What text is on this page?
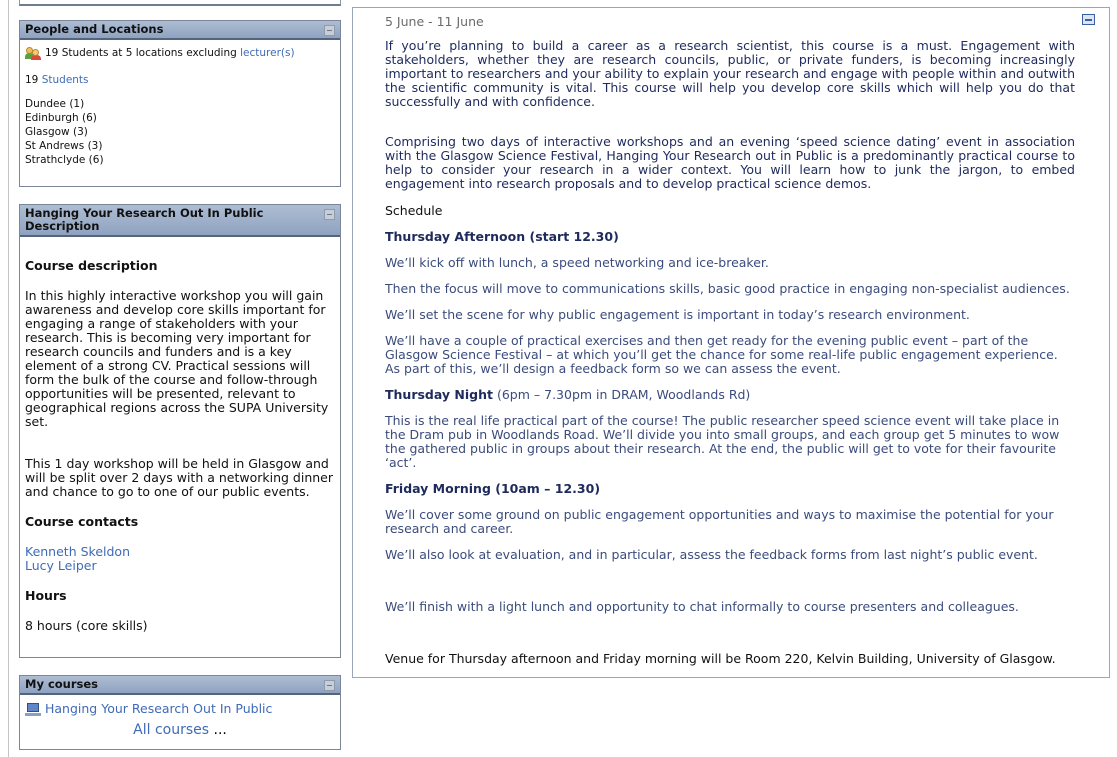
People and Locations
19 Students at 5 locations excluding lecturer(s)
19 Students
Dundee (1)
Edinburgh (6)
Glasgow (3)
St Andrews (3)
Strathclyde (6)
Hanging Your Research Out In Public Description
Course description

In this highly interactive workshop you will gain awareness and develop core skills important for engaging a range of stakeholders with your research. This is becoming very important for research councils and funders and is a key element of a strong CV. Practical sessions will form the bulk of the course and follow-through opportunities will be presented, relevant to geographical regions across the SUPA University set.

This 1 day workshop will be held in Glasgow and will be split over 2 days with a networking dinner and chance to go to one of our public events.

Course contacts
Kenneth Skeldon
Lucy Leiper
Hours

8 hours (core skills)

My courses
Hanging Your Research Out In Public
All courses ...
5 June - 11 June

If you’re planning to build a career as a research scientist, this course is a must. Engagement with stakeholders, whether they are research councils, public, or private funders, is becoming increasingly important to researchers and your ability to explain your research and engage with people within and outwith the scientific community is vital. This course will help you develop core skills which will help you do that successfully and with confidence.

Comprising two days of interactive workshops and an evening ‘speed science dating’ event in association with the Glasgow Science Festival, Hanging Your Research out in Public is a predominantly practical course to help to consider your research in a wider context. You will learn how to junk the jargon, to embed engagement into research proposals and to develop practical science demos.

Schedule

Thursday Afternoon (start 12.30)

We’ll kick off with lunch, a speed networking and ice-breaker.

Then the focus will move to communications skills, basic good practice in engaging non-specialist audiences.

We’ll set the scene for why public engagement is important in today’s research environment.

We’ll have a couple of practical exercises and then get ready for the evening public event – part of the Glasgow Science Festival – at which you’ll get the chance for some real-life public engagement experience. As part of this, we’ll design a feedback form so we can assess the event.

Thursday Night (6pm – 7.30pm in DRAM, Woodlands Rd)

This is the real life practical part of the course! The public researcher speed science event will take place in the Dram pub in Woodlands Road. We’ll divide you into small groups, and each group get 5 minutes to wow the gathered public in groups about their research. At the end, the public will get to vote for their favourite ‘act’.

Friday Morning (10am – 12.30)

We’ll cover some ground on public engagement opportunities and ways to maximise the potential for your research and career.

We’ll also look at evaluation, and in particular, assess the feedback forms from last night’s public event.

We’ll finish with a light lunch and opportunity to chat informally to course presenters and colleagues.

Venue for Thursday afternoon and Friday morning will be Room 220, Kelvin Building, University of Glasgow.
